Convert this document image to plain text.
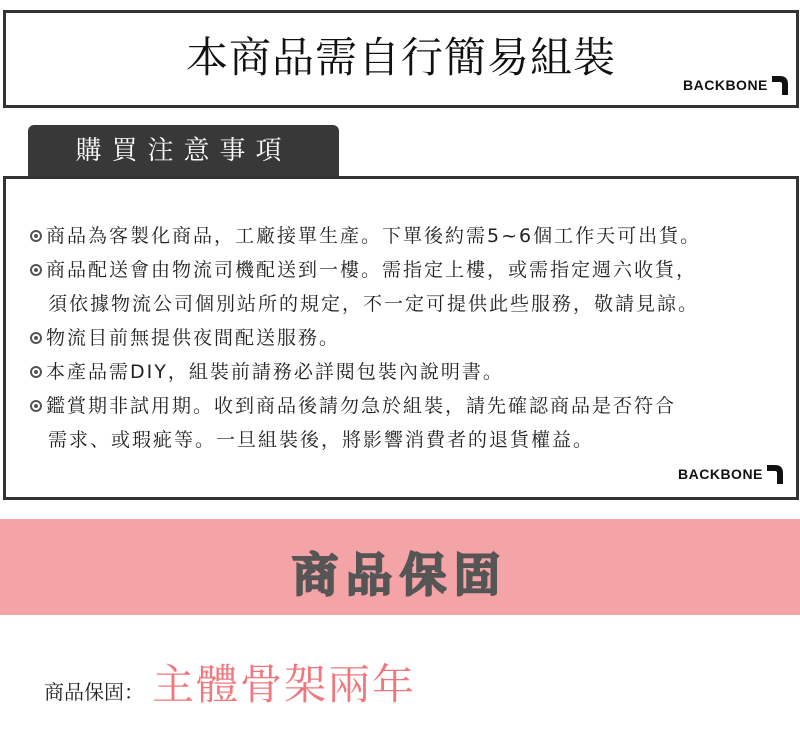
本商品需自行簡易組裝
BACKBONE
購買注意事項
商品為客製化商品，工廠接單生產。下單後約需5~6個工作天可出貨。
商品配送會由物流司機配送到一樓。需指定上樓，或需指定週六收貨，
須依據物流公司個別站所的規定，不一定可提供此些服務，敬請見諒。
物流目前無提供夜間配送服務。
本產品需DIY，組裝前請務必詳閱包裝內說明書。
鑑賞期非試用期。收到商品後請勿急於組裝，請先確認商品是否符合
需求、或瑕疵等。一旦組裝後，將影響消費者的退貨權益。
BACKBONE
商品保固
商品保固： 主體骨架兩年
